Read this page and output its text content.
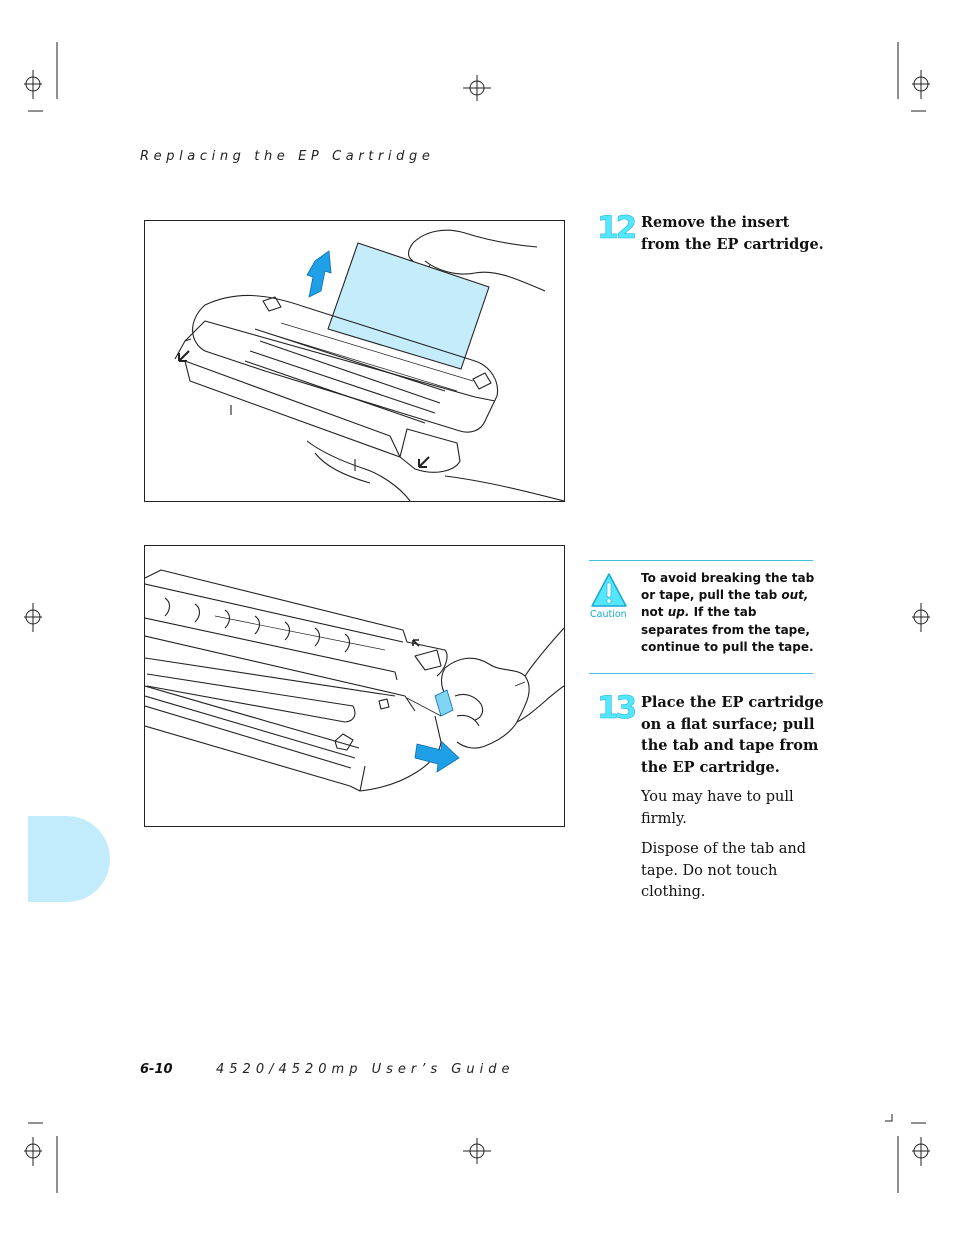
Replacing the EP Cartridge
12 Remove the insert
from the EP cartridge.
Caution
To avoid breaking the tab
or tape, pull the tab out,
not up. If the tab
separates from the tape,
continue to pull the tape.
13 Place the EP cartridge
on a flat surface; pull
the tab and tape from
the EP cartridge.
You may have to pull
firmly.
Dispose of the tab and
tape. Do not touch
clothing.
6-10	4520/4520mp User’s Guide
